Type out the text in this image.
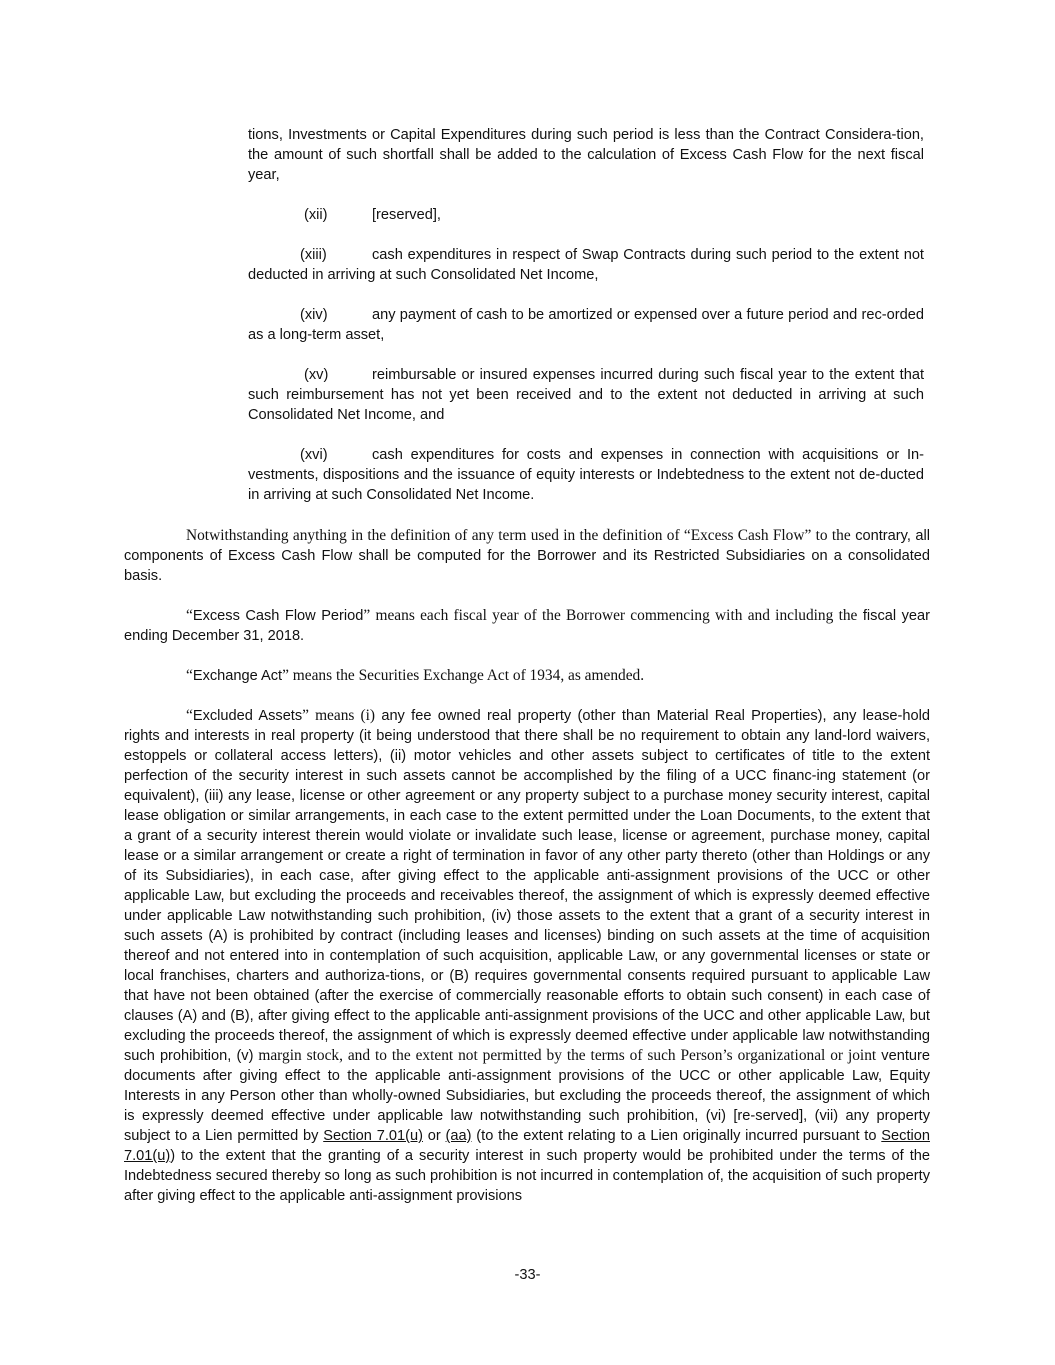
tions, Investments or Capital Expenditures during such period is less than the Contract Considera-tion, the amount of such shortfall shall be added to the calculation of Excess Cash Flow for the next fiscal year,

(xii)	[reserved],

(xiii)	cash expenditures in respect of Swap Contracts during such period to the extent not deducted in arriving at such Consolidated Net Income,

(xiv)	any payment of cash to be amortized or expensed over a future period and rec-orded as a long-term asset,

(xv)	reimbursable or insured expenses incurred during such fiscal year to the extent that such reimbursement has not yet been received and to the extent not deducted in arriving at such Consolidated Net Income, and

(xvi)	cash expenditures for costs and expenses in connection with acquisitions or In-vestments, dispositions and the issuance of equity interests or Indebtedness to the extent not de-ducted in arriving at such Consolidated Net Income.

Notwithstanding anything in the definition of any term used in the definition of “Excess Cash Flow” to the contrary, all components of Excess Cash Flow shall be computed for the Borrower and its Restricted Subsidiaries on a consolidated basis.

“Excess Cash Flow Period” means each fiscal year of the Borrower commencing with and including the fiscal year ending December 31, 2018.

“Exchange Act” means the Securities Exchange Act of 1934, as amended.

“Excluded Assets” means (i) any fee owned real property (other than Material Real Properties), any lease-hold rights and interests in real property (it being understood that there shall be no requirement to obtain any land-lord waivers, estoppels or collateral access letters), (ii) motor vehicles and other assets subject to certificates of title to the extent perfection of the security interest in such assets cannot be accomplished by the filing of a UCC financ-ing statement (or equivalent), (iii) any lease, license or other agreement or any property subject to a purchase money security interest, capital lease obligation or similar arrangements, in each case to the extent permitted under the Loan Documents, to the extent that a grant of a security interest therein would violate or invalidate such lease, license or agreement, purchase money, capital lease or a similar arrangement or create a right of termination in favor of any other party thereto (other than Holdings or any of its Subsidiaries), in each case, after giving effect to the applicable anti-assignment provisions of the UCC or other applicable Law, but excluding the proceeds and receivables thereof, the assignment of which is expressly deemed effective under applicable Law notwithstanding such prohibition, (iv) those assets to the extent that a grant of a security interest in such assets (A) is prohibited by contract (including leases and licenses) binding on such assets at the time of acquisition thereof and not entered into in contemplation of such acquisition, applicable Law, or any governmental licenses or state or local franchises, charters and authoriza-tions, or (B) requires governmental consents required pursuant to applicable Law that have not been obtained (after the exercise of commercially reasonable efforts to obtain such consent) in each case of clauses (A) and (B), after giving effect to the applicable anti-assignment provisions of the UCC and other applicable Law, but excluding the proceeds thereof, the assignment of which is expressly deemed effective under applicable law notwithstanding such prohibition, (v) margin stock, and to the extent not permitted by the terms of such Person’s organizational or joint venture documents after giving effect to the applicable anti-assignment provisions of the UCC or other applicable Law, Equity Interests in any Person other than wholly-owned Subsidiaries, but excluding the proceeds thereof, the assignment of which is expressly deemed effective under applicable law notwithstanding such prohibition, (vi) [re-served], (vii) any property subject to a Lien permitted by Section 7.01(u) or (aa) (to the extent relating to a Lien originally incurred pursuant to Section 7.01(u)) to the extent that the granting of a security interest in such property would be prohibited under the terms of the Indebtedness secured thereby so long as such prohibition is not incurred in contemplation of, the acquisition of such property after giving effect to the applicable anti-assignment provisions

-33-
